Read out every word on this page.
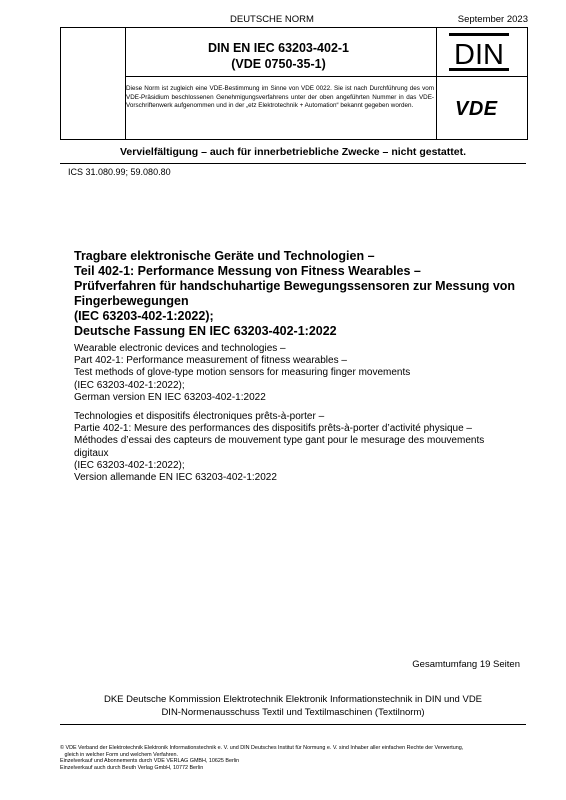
DEUTSCHE NORM	September 2023
DIN EN IEC 63203-402-1
(VDE 0750-35-1)	DIN
Diese Norm ist zugleich eine VDE-Bestimmung im Sinne von VDE 0022. Sie ist nach Durchführung des vom VDE-Präsidium beschlossenen Genehmigungsverfahrens unter der oben angeführten Nummer in das VDE-Vorschriftenwerk aufgenommen und in der „etz Elektrotechnik + Automation“ bekannt gegeben worden.	VDE
Vervielfältigung – auch für innerbetriebliche Zwecke – nicht gestattet.
ICS 31.080.99; 59.080.80
Tragbare elektronische Geräte und Technologien –
Teil 402-1: Performance Messung von Fitness Wearables –
Prüfverfahren für handschuhartige Bewegungssensoren zur Messung von
Fingerbewegungen
(IEC 63203-402-1:2022);
Deutsche Fassung EN IEC 63203-402-1:2022
Wearable electronic devices and technologies –
Part 402-1: Performance measurement of fitness wearables –
Test methods of glove-type motion sensors for measuring finger movements
(IEC 63203-402-1:2022);
German version EN IEC 63203-402-1:2022
Technologies et dispositifs électroniques prêts-à-porter –
Partie 402-1: Mesure des performances des dispositifs prêts-à-porter d’activité physique –
Méthodes d’essai des capteurs de mouvement type gant pour le mesurage des mouvements
digitaux
(IEC 63203-402-1:2022);
Version allemande EN IEC 63203-402-1:2022
Gesamtumfang 19 Seiten
DKE Deutsche Kommission Elektrotechnik Elektronik Informationstechnik in DIN und VDE
DIN-Normenausschuss Textil und Textilmaschinen (Textilnorm)
© VDE Verband der Elektrotechnik Elektronik Informationstechnik e. V. und DIN Deutsches Institut für Normung e. V. sind Inhaber aller einfachen Rechte der Verwertung,
gleich in welcher Form und welchem Verfahren.
Einzelverkauf und Abonnements durch VDE VERLAG GMBH, 10625 Berlin
Einzelverkauf auch durch Beuth Verlag GmbH, 10772 Berlin
